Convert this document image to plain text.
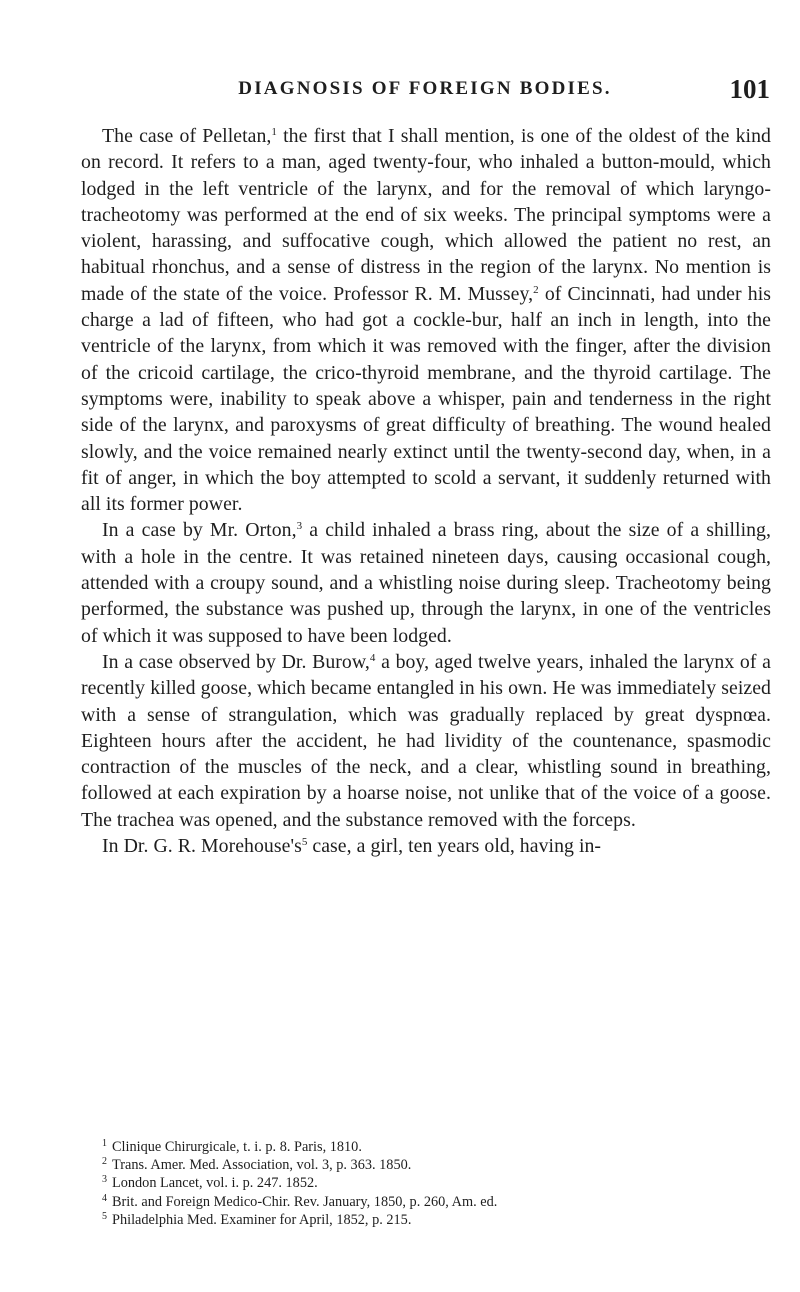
DIAGNOSIS OF FOREIGN BODIES.	101

The case of Pelletan,$^1$ the first that I shall mention, is one of the oldest of the kind on record. It refers to a man, aged twenty-four, who inhaled a button-mould, which lodged in the left ventricle of the larynx, and for the removal of which laryngo-tracheotomy was performed at the end of six weeks. The principal symptoms were a violent, harassing, and suffocative cough, which allowed the patient no rest, an habitual rhonchus, and a sense of distress in the region of the larynx. No mention is made of the state of the voice. Professor R. M. Mussey,$^2$ of Cincinnati, had under his charge a lad of fifteen, who had got a cockle-bur, half an inch in length, into the ventricle of the larynx, from which it was removed with the finger, after the division of the cricoid cartilage, the crico-thyroid membrane, and the thyroid cartilage. The symptoms were, inability to speak above a whisper, pain and tenderness in the right side of the larynx, and paroxysms of great difficulty of breathing. The wound healed slowly, and the voice remained nearly extinct until the twenty-second day, when, in a fit of anger, in which the boy attempted to scold a servant, it suddenly returned with all its former power.

In a case by Mr. Orton,$^3$ a child inhaled a brass ring, about the size of a shilling, with a hole in the centre. It was retained nineteen days, causing occasional cough, attended with a croupy sound, and a whistling noise during sleep. Tracheotomy being performed, the substance was pushed up, through the larynx, in one of the ventricles of which it was supposed to have been lodged.

In a case observed by Dr. Burow,$^4$ a boy, aged twelve years, inhaled the larynx of a recently killed goose, which became entangled in his own. He was immediately seized with a sense of strangulation, which was gradually replaced by great dyspnœa. Eighteen hours after the accident, he had lividity of the countenance, spasmodic contraction of the muscles of the neck, and a clear, whistling sound in breathing, followed at each expiration by a hoarse noise, not unlike that of the voice of a goose. The trachea was opened, and the substance removed with the forceps.

In Dr. G. R. $Morehouse's^5$ case, a girl, ten years old, having in-

$^1$ Clinique Chirurgicale, t. i. p. 8. Paris, 1810.
$^2$ Trans. Amer. Med. Association, vol. 3, p. 363. 1850.
$^3$ London Lancet, vol. i. p. 247. 1852.
$^4$ Brit. and Foreign Medico-Chir. Rev. January, 1850, p. 260, Am. ed.
$^5$ Philadelphia Med. Examiner for April, 1852, p. 215.
